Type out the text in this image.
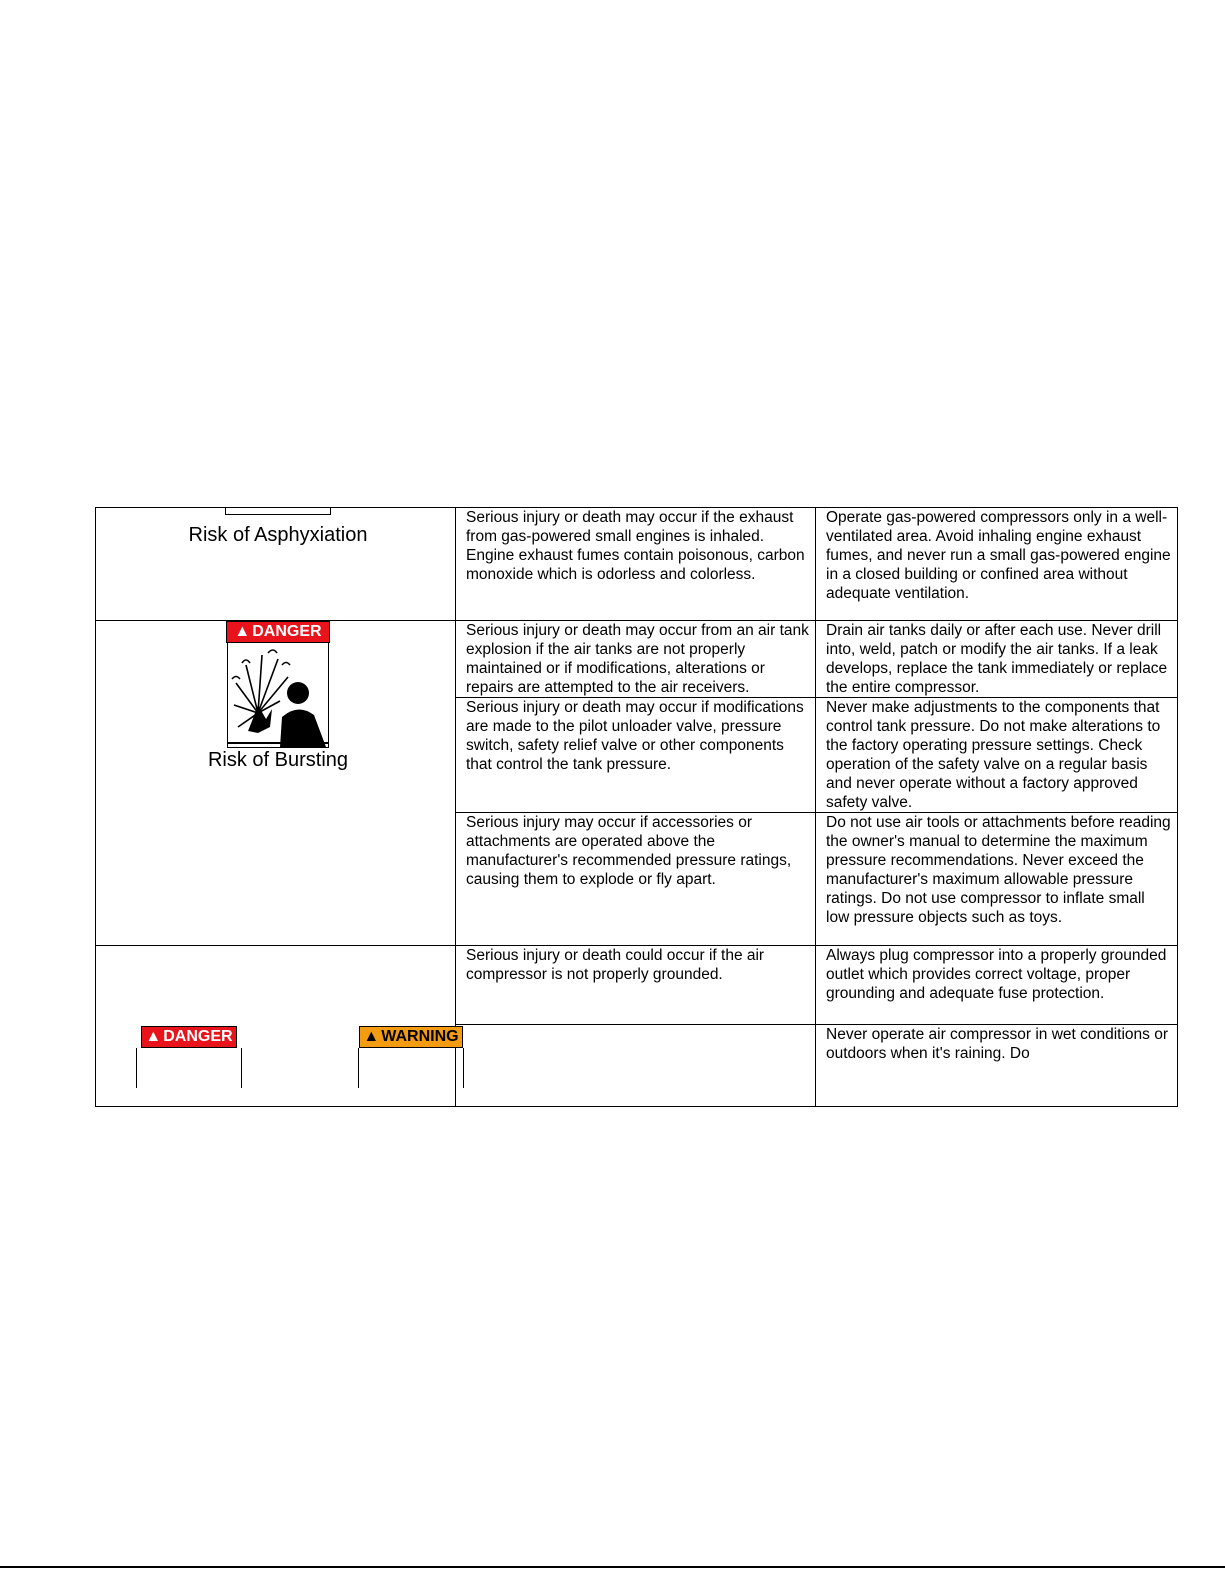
Risk of Asphyxiation	Serious injury or death may occur if the exhaust from gas-powered small engines is inhaled. Engine exhaust fumes contain poisonous, carbon monoxide which is odorless and colorless.	Operate gas-powered compressors only in a well-ventilated area. Avoid inhaling engine exhaust fumes, and never run a small gas-powered engine in a closed building or confined area without adequate ventilation.

▲ DANGER
Risk of Bursting	Serious injury or death may occur from an air tank explosion if the air tanks are not properly maintained or if modifications, alterations or repairs are attempted to the air receivers.	Drain air tanks daily or after each use. Never drill into, weld, patch or modify the air tanks. If a leak develops, replace the tank immediately or replace the entire compressor.
	Serious injury or death may occur if modifications are made to the pilot unloader valve, pressure switch, safety relief valve or other components that control the tank pressure.	Never make adjustments to the components that control tank pressure. Do not make alterations to the factory operating pressure settings. Check operation of the safety valve on a regular basis and never operate without a factory approved safety valve.
	Serious injury may occur if accessories or attachments are operated above the manufacturer's recommended pressure ratings, causing them to explode or fly apart.	Do not use air tools or attachments before reading the owner's manual to determine the maximum pressure recommendations. Never exceed the manufacturer's maximum allowable pressure ratings. Do not use compressor to inflate small low pressure objects such as toys.

▲ DANGER ▲ WARNING	Serious injury or death could occur if the air compressor is not properly grounded.	Always plug compressor into a properly grounded outlet which provides correct voltage, proper grounding and adequate fuse protection.
		Never operate air compressor in wet conditions or outdoors when it's raining. Do
